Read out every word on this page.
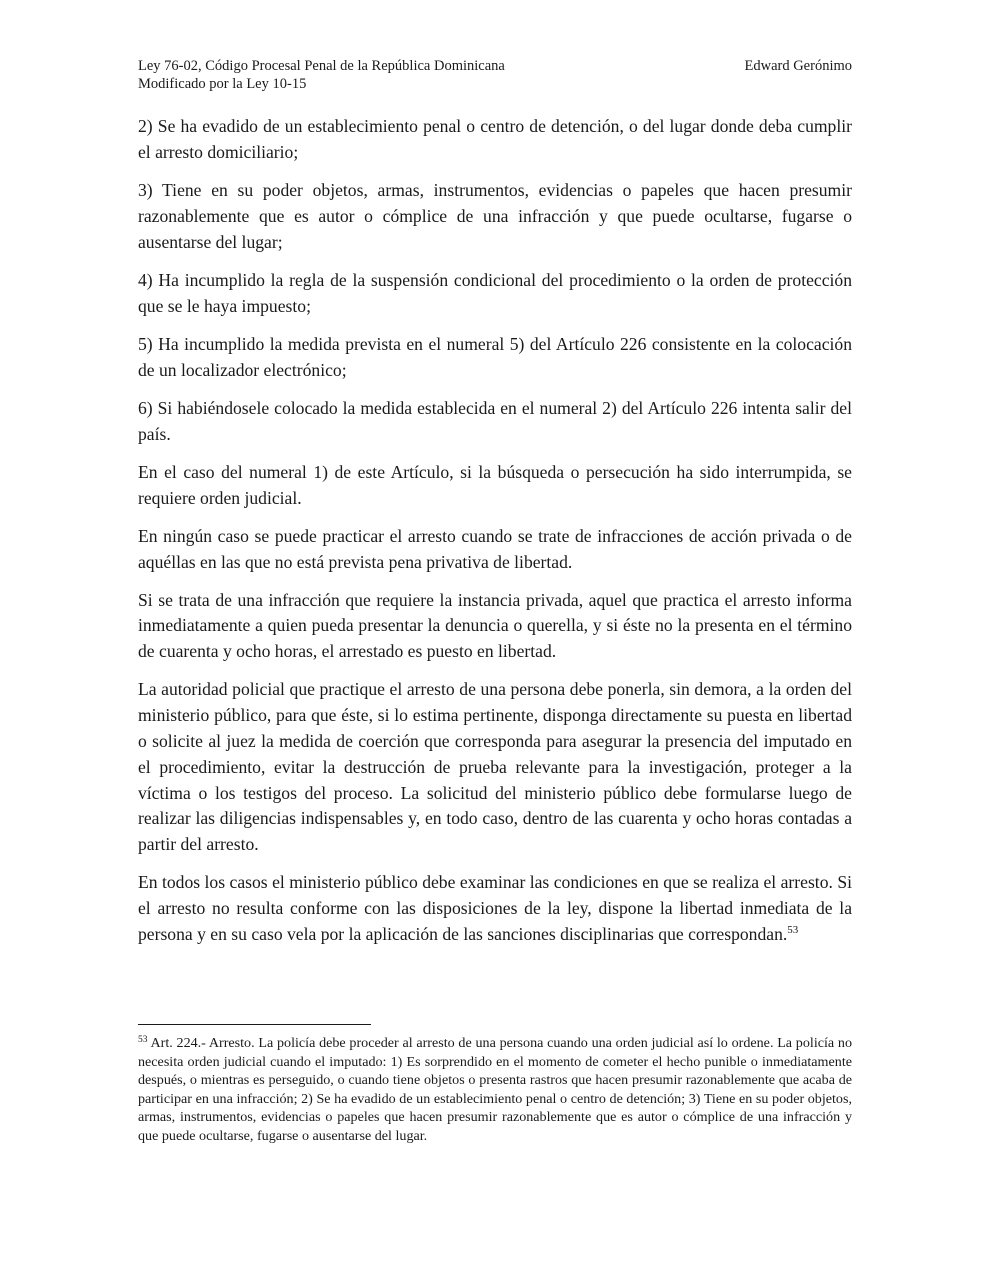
Ley 76-02, Código Procesal Penal de la República Dominicana
Modificado por la Ley 10-15
Edward Gerónimo

2) Se ha evadido de un establecimiento penal o centro de detención, o del lugar donde deba cumplir el arresto domiciliario;

3) Tiene en su poder objetos, armas, instrumentos, evidencias o papeles que hacen presumir razonablemente que es autor o cómplice de una infracción y que puede ocultarse, fugarse o ausentarse del lugar;

4) Ha incumplido la regla de la suspensión condicional del procedimiento o la orden de protección que se le haya impuesto;

5) Ha incumplido la medida prevista en el numeral 5) del Artículo 226 consistente en la colocación de un localizador electrónico;

6) Si habiéndosele colocado la medida establecida en el numeral 2) del Artículo 226 intenta salir del país.

En el caso del numeral 1) de este Artículo, si la búsqueda o persecución ha sido interrumpida, se requiere orden judicial.

En ningún caso se puede practicar el arresto cuando se trate de infracciones de acción privada o de aquéllas en las que no está prevista pena privativa de libertad.

Si se trata de una infracción que requiere la instancia privada, aquel que practica el arresto informa inmediatamente a quien pueda presentar la denuncia o querella, y si éste no la presenta en el término de cuarenta y ocho horas, el arrestado es puesto en libertad.

La autoridad policial que practique el arresto de una persona debe ponerla, sin demora, a la orden del ministerio público, para que éste, si lo estima pertinente, disponga directamente su puesta en libertad o solicite al juez la medida de coerción que corresponda para asegurar la presencia del imputado en el procedimiento, evitar la destrucción de prueba relevante para la investigación, proteger a la víctima o los testigos del proceso. La solicitud del ministerio público debe formularse luego de realizar las diligencias indispensables y, en todo caso, dentro de las cuarenta y ocho horas contadas a partir del arresto.

En todos los casos el ministerio público debe examinar las condiciones en que se realiza el arresto. Si el arresto no resulta conforme con las disposiciones de la ley, dispone la libertad inmediata de la persona y en su caso vela por la aplicación de las sanciones disciplinarias que correspondan.$^{53}$

$^{53}$ Art. 224.- Arresto. La policía debe proceder al arresto de una persona cuando una orden judicial así lo ordene. La policía no necesita orden judicial cuando el imputado: 1) Es sorprendido en el momento de cometer el hecho punible o inmediatamente después, o mientras es perseguido, o cuando tiene objetos o presenta rastros que hacen presumir razonablemente que acaba de participar en una infracción; 2) Se ha evadido de un establecimiento penal o centro de detención; 3) Tiene en su poder objetos, armas, instrumentos, evidencias o papeles que hacen presumir razonablemente que es autor o cómplice de una infracción y que puede ocultarse, fugarse o ausentarse del lugar.
